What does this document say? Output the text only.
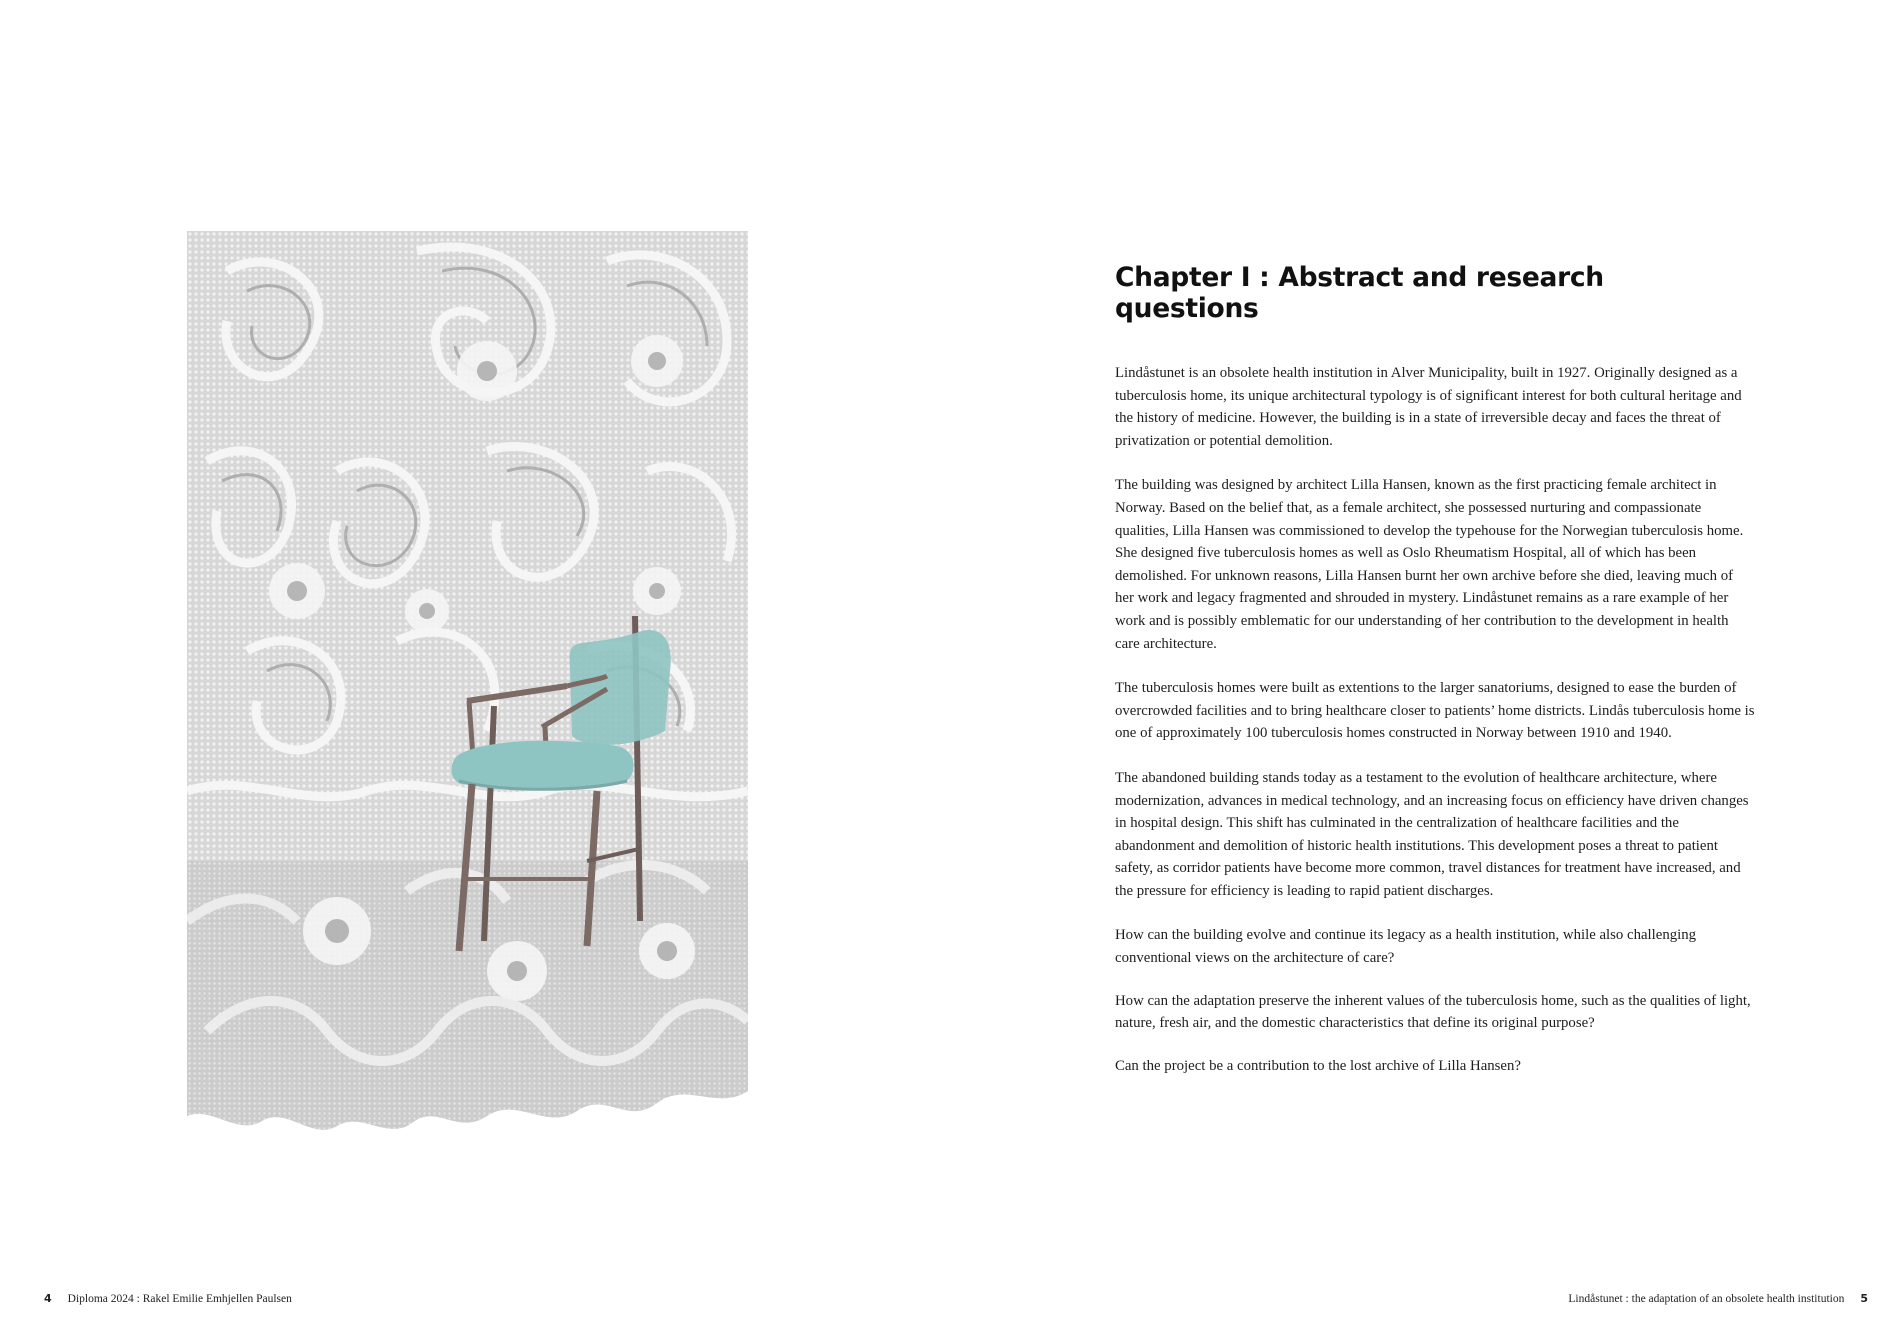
Chapter I : Abstract and research questions

Lindåstunet is an obsolete health institution in Alver Municipality, built in 1927. Originally designed as a tuberculosis home, its unique architectural typology is of significant interest for both cultural heritage and the history of medicine. However, the building is in a state of irreversible decay and faces the threat of privatization or potential demolition.

The building was designed by architect Lilla Hansen, known as the first practicing female architect in Norway. Based on the belief that, as a female architect, she possessed nurturing and compassionate qualities, Lilla Hansen was commissioned to develop the typehouse for the Norwegian tuberculosis home. She designed five tuberculosis homes as well as Oslo Rheumatism Hospital, all of which has been demolished. For unknown reasons, Lilla Hansen burnt her own archive before she died, leaving much of her work and legacy fragmented and shrouded in mystery. Lindåstunet remains as a rare example of her work and is possibly emblematic for our understanding of her contribution to the development in health care architecture.

The tuberculosis homes were built as extentions to the larger sanatoriums, designed to ease the burden of overcrowded facilities and to bring healthcare closer to patients’ home districts. Lindås tuberculosis home is one of approximately 100 tuberculosis homes constructed in Norway between 1910 and 1940.

The abandoned building stands today as a testament to the evolution of healthcare architecture, where modernization, advances in medical technology, and an increasing focus on efficiency have driven changes in hospital design. This shift has culminated in the centralization of healthcare facilities and the abandonment and demolition of historic health institutions. This development poses a threat to patient safety, as corridor patients have become more common, travel distances for treatment have increased, and the pressure for efficiency is leading to rapid patient discharges.

How can the building evolve and continue its legacy as a health institution, while also challenging conventional views on the architecture of care?

How can the adaptation preserve the inherent values of the tuberculosis home, such as the qualities of light, nature, fresh air, and the domestic characteristics that define its original purpose?

Can the project be a contribution to the lost archive of Lilla Hansen?

4 Diploma 2024 : Rakel Emilie Emhjellen Paulsen	Lindåstunet : the adaptation of an obsolete health institution 5
